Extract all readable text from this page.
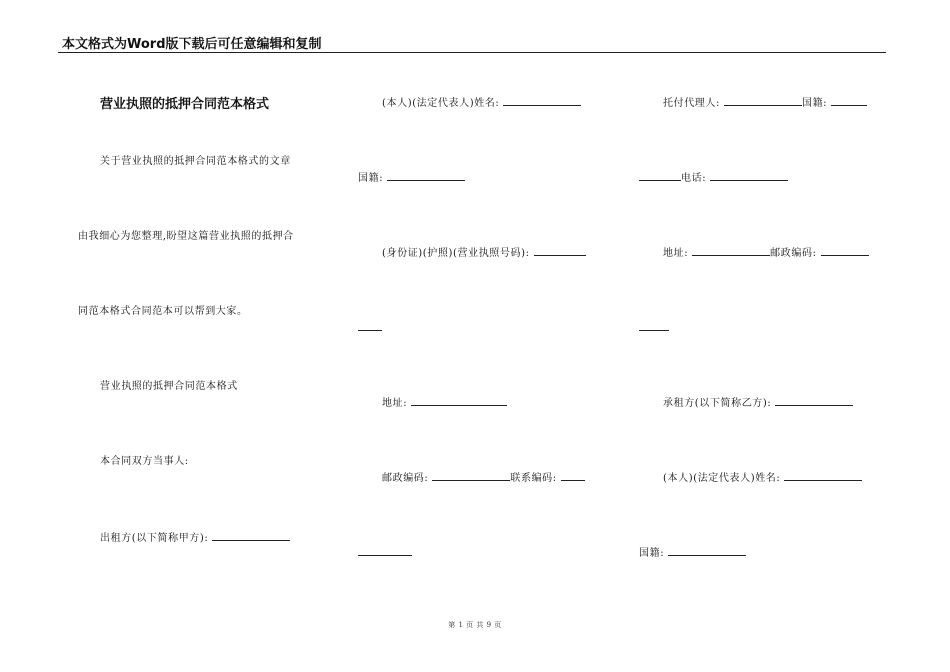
本文格式为Word版下载后可任意编辑和复制
营业执照的抵押合同范本格式
关于营业执照的抵押合同范本格式的文章
由我细心为您整理,盼望这篇营业执照的抵押合
同范本格式合同范本可以帮到大家。
营业执照的抵押合同范本格式
本合同双方当事人:
出租方(以下简称甲方):
(本人)(法定代表人)姓名:
国籍:
(身份证)(护照)(营业执照号码):
地址:
邮政编码:	联系编码:
托付代理人:	国籍:
电话:
地址:	邮政编码:
承租方(以下简称乙方):
(本人)(法定代表人)姓名:
国籍:
第 1 页 共 9 页
